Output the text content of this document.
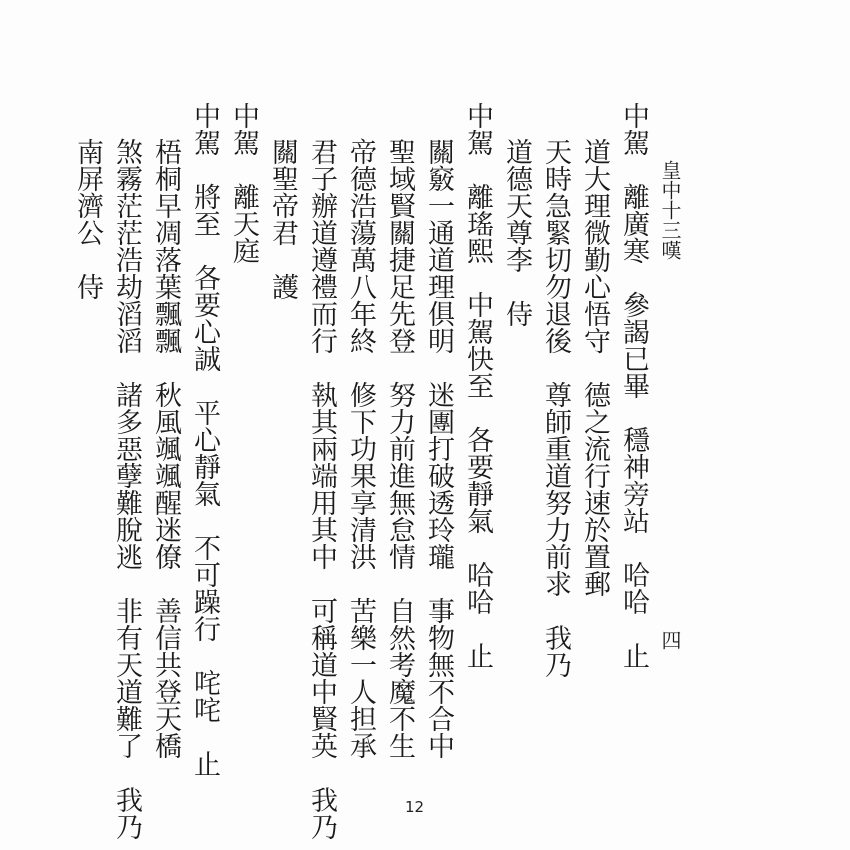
皇中十三嘆
四
中駕　離廣寒　參謁已畢　穩神旁站　哈哈　止
道大理微勤心悟守　德之流行速於置郵
天時急緊切勿退後　尊師重道努力前求　我乃
道德天尊李　侍
中駕　離瑤熙　中駕快至　各要靜氣　哈哈　止
關竅一通道理俱明　迷團打破透玲瓏　事物無不合中
聖域賢關捷足先登　努力前進無怠情　自然考魔不生
帝德浩蕩萬八年終　修下功果享清洪　苦樂一人担承
君子辦道遵禮而行　執其兩端用其中　可稱道中賢英　我乃
關聖帝君　護
中駕　離天庭
中駕　將至　各要心誠　平心靜氣　不可躁行　咤咤　止
梧桐早凋落葉飄飄　秋風颯颯醒迷僚　善信共登天橋
煞霧茫茫浩劫滔滔　諸多惡孽難脫逃　非有天道難了　我乃
南屏濟公　侍
12
